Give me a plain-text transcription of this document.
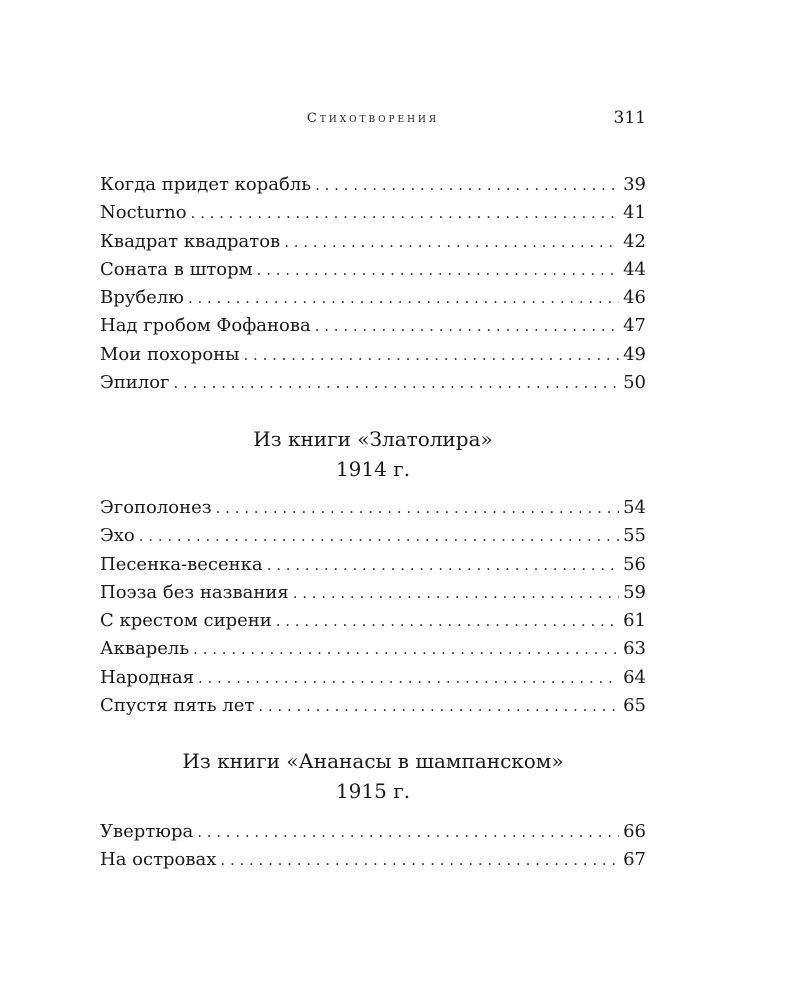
Стихотворения	311
Когда придет корабль . . .	39
Nocturno . . .	41
Квадрат квадратов . . .	42
Соната в шторм . . .	44
Врубелю . . .	46
Над гробом Фофанова . . .	47
Мои похороны . . .	49
Эпилог . . .	50
Из книги «Златолира»
1914 г.
Эгополонез . . .	54
Эхо . . .	55
Песенка-весенка . . .	56
Поэза без названия . . .	59
С крестом сирени . . .	61
Акварель . . .	63
Народная . . .	64
Спустя пять лет . . .	65
Из книги «Ананасы в шампанском»
1915 г.
Увертюра . . .	66
На островах . . .	67
